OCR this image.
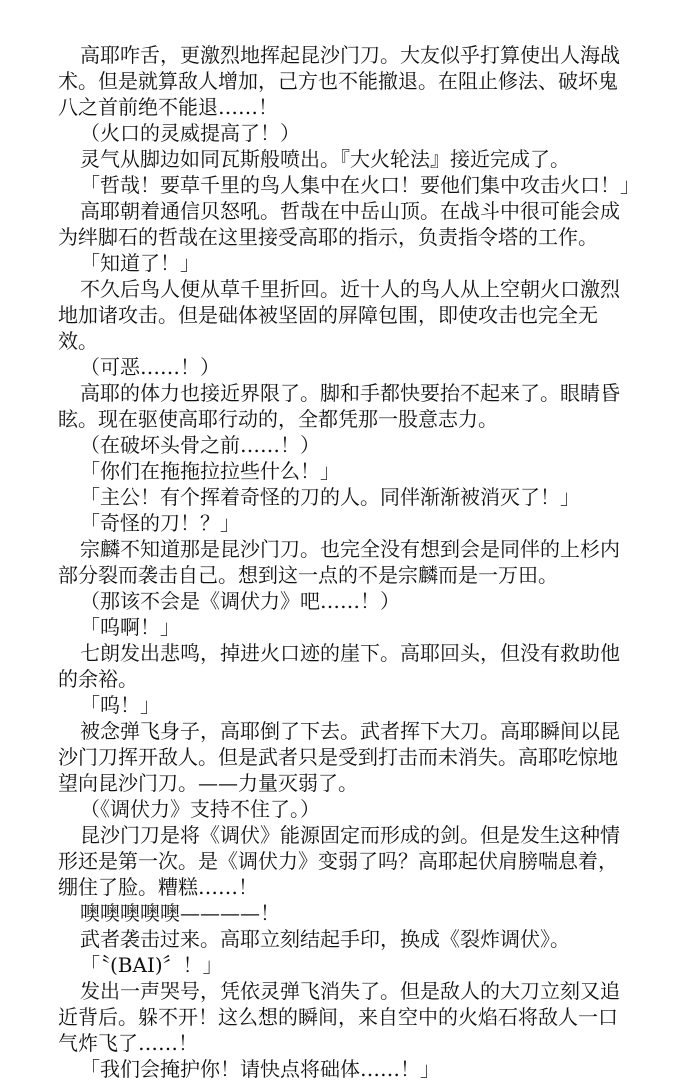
高耶咋舌，更激烈地挥起昆沙门刀。大友似乎打算使出人海战术。但是就算敌人增加，己方也不能撤退。在阻止修法、破坏鬼八之首前绝不能退……！

（火口的灵威提高了！）

灵气从脚边如同瓦斯般喷出。『大火轮法』接近完成了。

「哲哉！要草千里的鸟人集中在火口！要他们集中攻击火口！」

高耶朝着通信贝怒吼。哲哉在中岳山顶。在战斗中很可能会成为绊脚石的哲哉在这里接受高耶的指示，负责指令塔的工作。

「知道了！」

不久后鸟人便从草千里折回。近十人的鸟人从上空朝火口激烈地加诸攻击。但是础体被坚固的屏障包围，即使攻击也完全无效。

（可恶……！）

高耶的体力也接近界限了。脚和手都快要抬不起来了。眼睛昏眩。现在驱使高耶行动的，全都凭那一股意志力。

（在破坏头骨之前……！）

「你们在拖拖拉拉些什么！」

「主公！有个挥着奇怪的刀的人。同伴渐渐被消灭了！」

「奇怪的刀！？」

宗麟不知道那是昆沙门刀。也完全没有想到会是同伴的上杉内部分裂而袭击自己。想到这一点的不是宗麟而是一万田。

（那该不会是《调伏力》吧……！）

「呜啊！」

七朗发出悲鸣，掉进火口迹的崖下。高耶回头，但没有救助他的余裕。

「呜！」

被念弹飞身子，高耶倒了下去。武者挥下大刀。高耶瞬间以昆沙门刀挥开敌人。但是武者只是受到打击而未消失。高耶吃惊地望向昆沙门刀。——力量灭弱了。

（《调伏力》支持不住了。）

昆沙门刀是将《调伏》能源固定而形成的剑。但是发生这种情形还是第一次。是《调伏力》变弱了吗？高耶起伏肩膀喘息着，绷住了脸。糟糕……！

噢噢噢噢噢————！

武者袭击过来。高耶立刻结起手印，换成《裂炸调伏》。

「〝(BAI)〞！」

发出一声哭号，凭依灵弹飞消失了。但是敌人的大刀立刻又追近背后。躲不开！这么想的瞬间，来自空中的火焰石将敌人一口气炸飞了……！

「我们会掩护你！请快点将础体……！」
